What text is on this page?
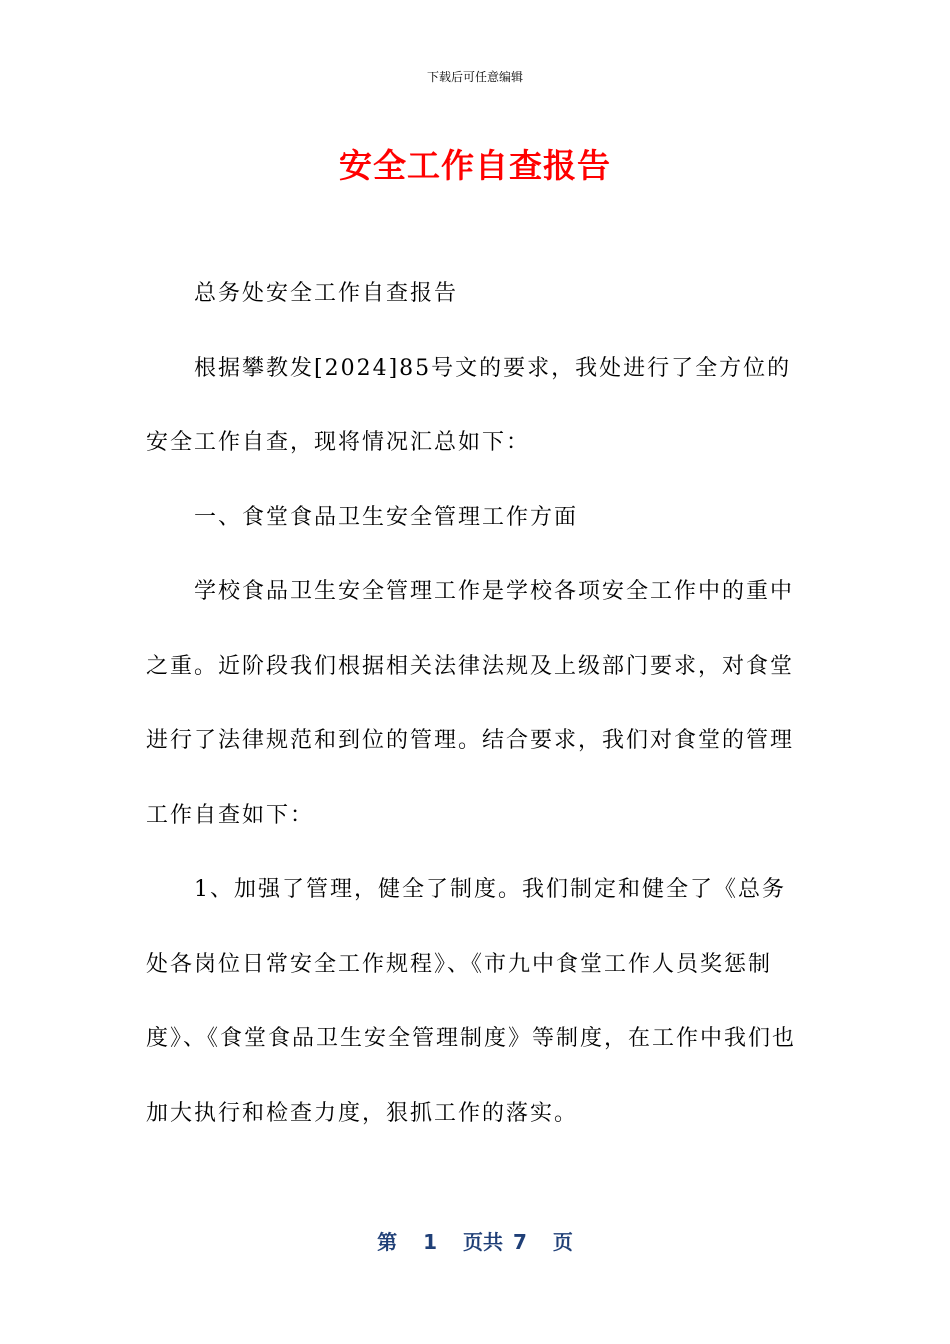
下载后可任意编辑
安全工作自查报告

总务处安全工作自查报告

根据攀教发[2024]85号文的要求，我处进行了全方位的安全工作自查，现将情况汇总如下：

一、食堂食品卫生安全管理工作方面

学校食品卫生安全管理工作是学校各项安全工作中的重中之重。近阶段我们根据相关法律法规及上级部门要求，对食堂进行了法律规范和到位的管理。结合要求，我们对食堂的管理工作自查如下：

1、加强了管理，健全了制度。我们制定和健全了《总务处各岗位日常安全工作规程》、《市九中食堂工作人员奖惩制度》、《食堂食品卫生安全管理制度》等制度，在工作中我们也加大执行和检查力度，狠抓工作的落实。

第 1 页共 7 页
